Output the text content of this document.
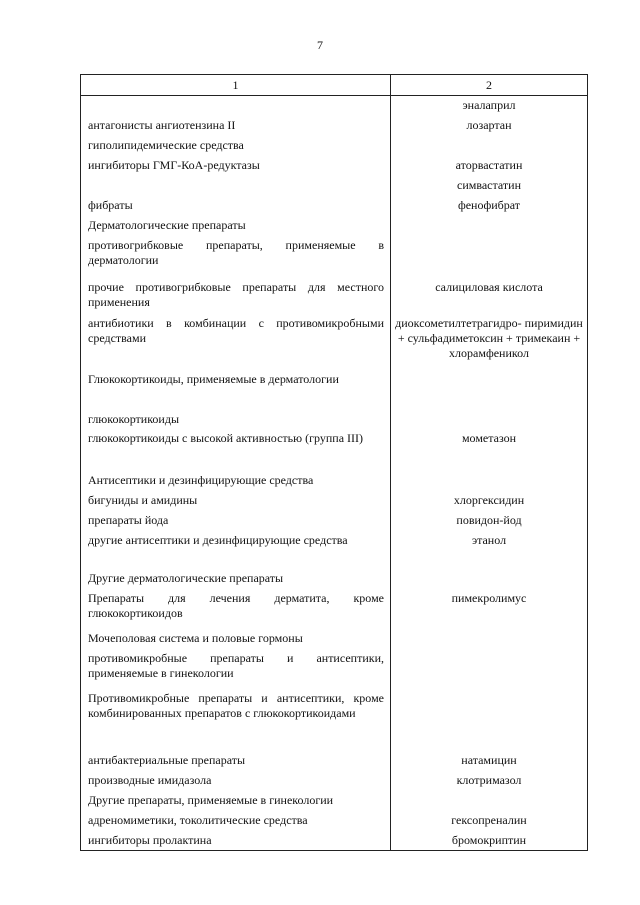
7
1	2
	эналаприл
антагонисты ангиотензина II	лозартан
гиполипидемические средства	
ингибиторы ГМГ-КоА-редуктазы	аторвастатин
	симвастатин
фибраты	фенофибрат
Дерматологические препараты	
противогрибковые препараты, применяемые в дерматологии	
прочие противогрибковые препараты для местного применения	салициловая кислота
антибиотики в комбинации с противомикробными средствами	диоксометилтетрагидро- пиримидин + сульфадиметоксин + тримекаин + хлорамфеникол
Глюкокортикоиды, применяемые в дерматологии	
глюкокортикоиды	
глюкокортикоиды с высокой активностью (группа III)	мометазон
Антисептики и дезинфицирующие средства	
бигуниды и амидины	хлоргексидин
препараты йода	повидон-йод
другие антисептики и дезинфицирующие средства	этанол
Другие дерматологические препараты	
Препараты для лечения дерматита, кроме глюкокортикоидов	пимекролимус
Мочеполовая система и половые гормоны	
противомикробные препараты и антисептики, применяемые в гинекологии	
Противомикробные препараты и антисептики, кроме комбинированных препаратов с глюкокортикоидами	
антибактериальные препараты	натамицин
производные имидазола	клотримазол
Другие препараты, применяемые в гинекологии	
адреномиметики, токолитические средства	гексопреналин
ингибиторы пролактина	бромокриптин
